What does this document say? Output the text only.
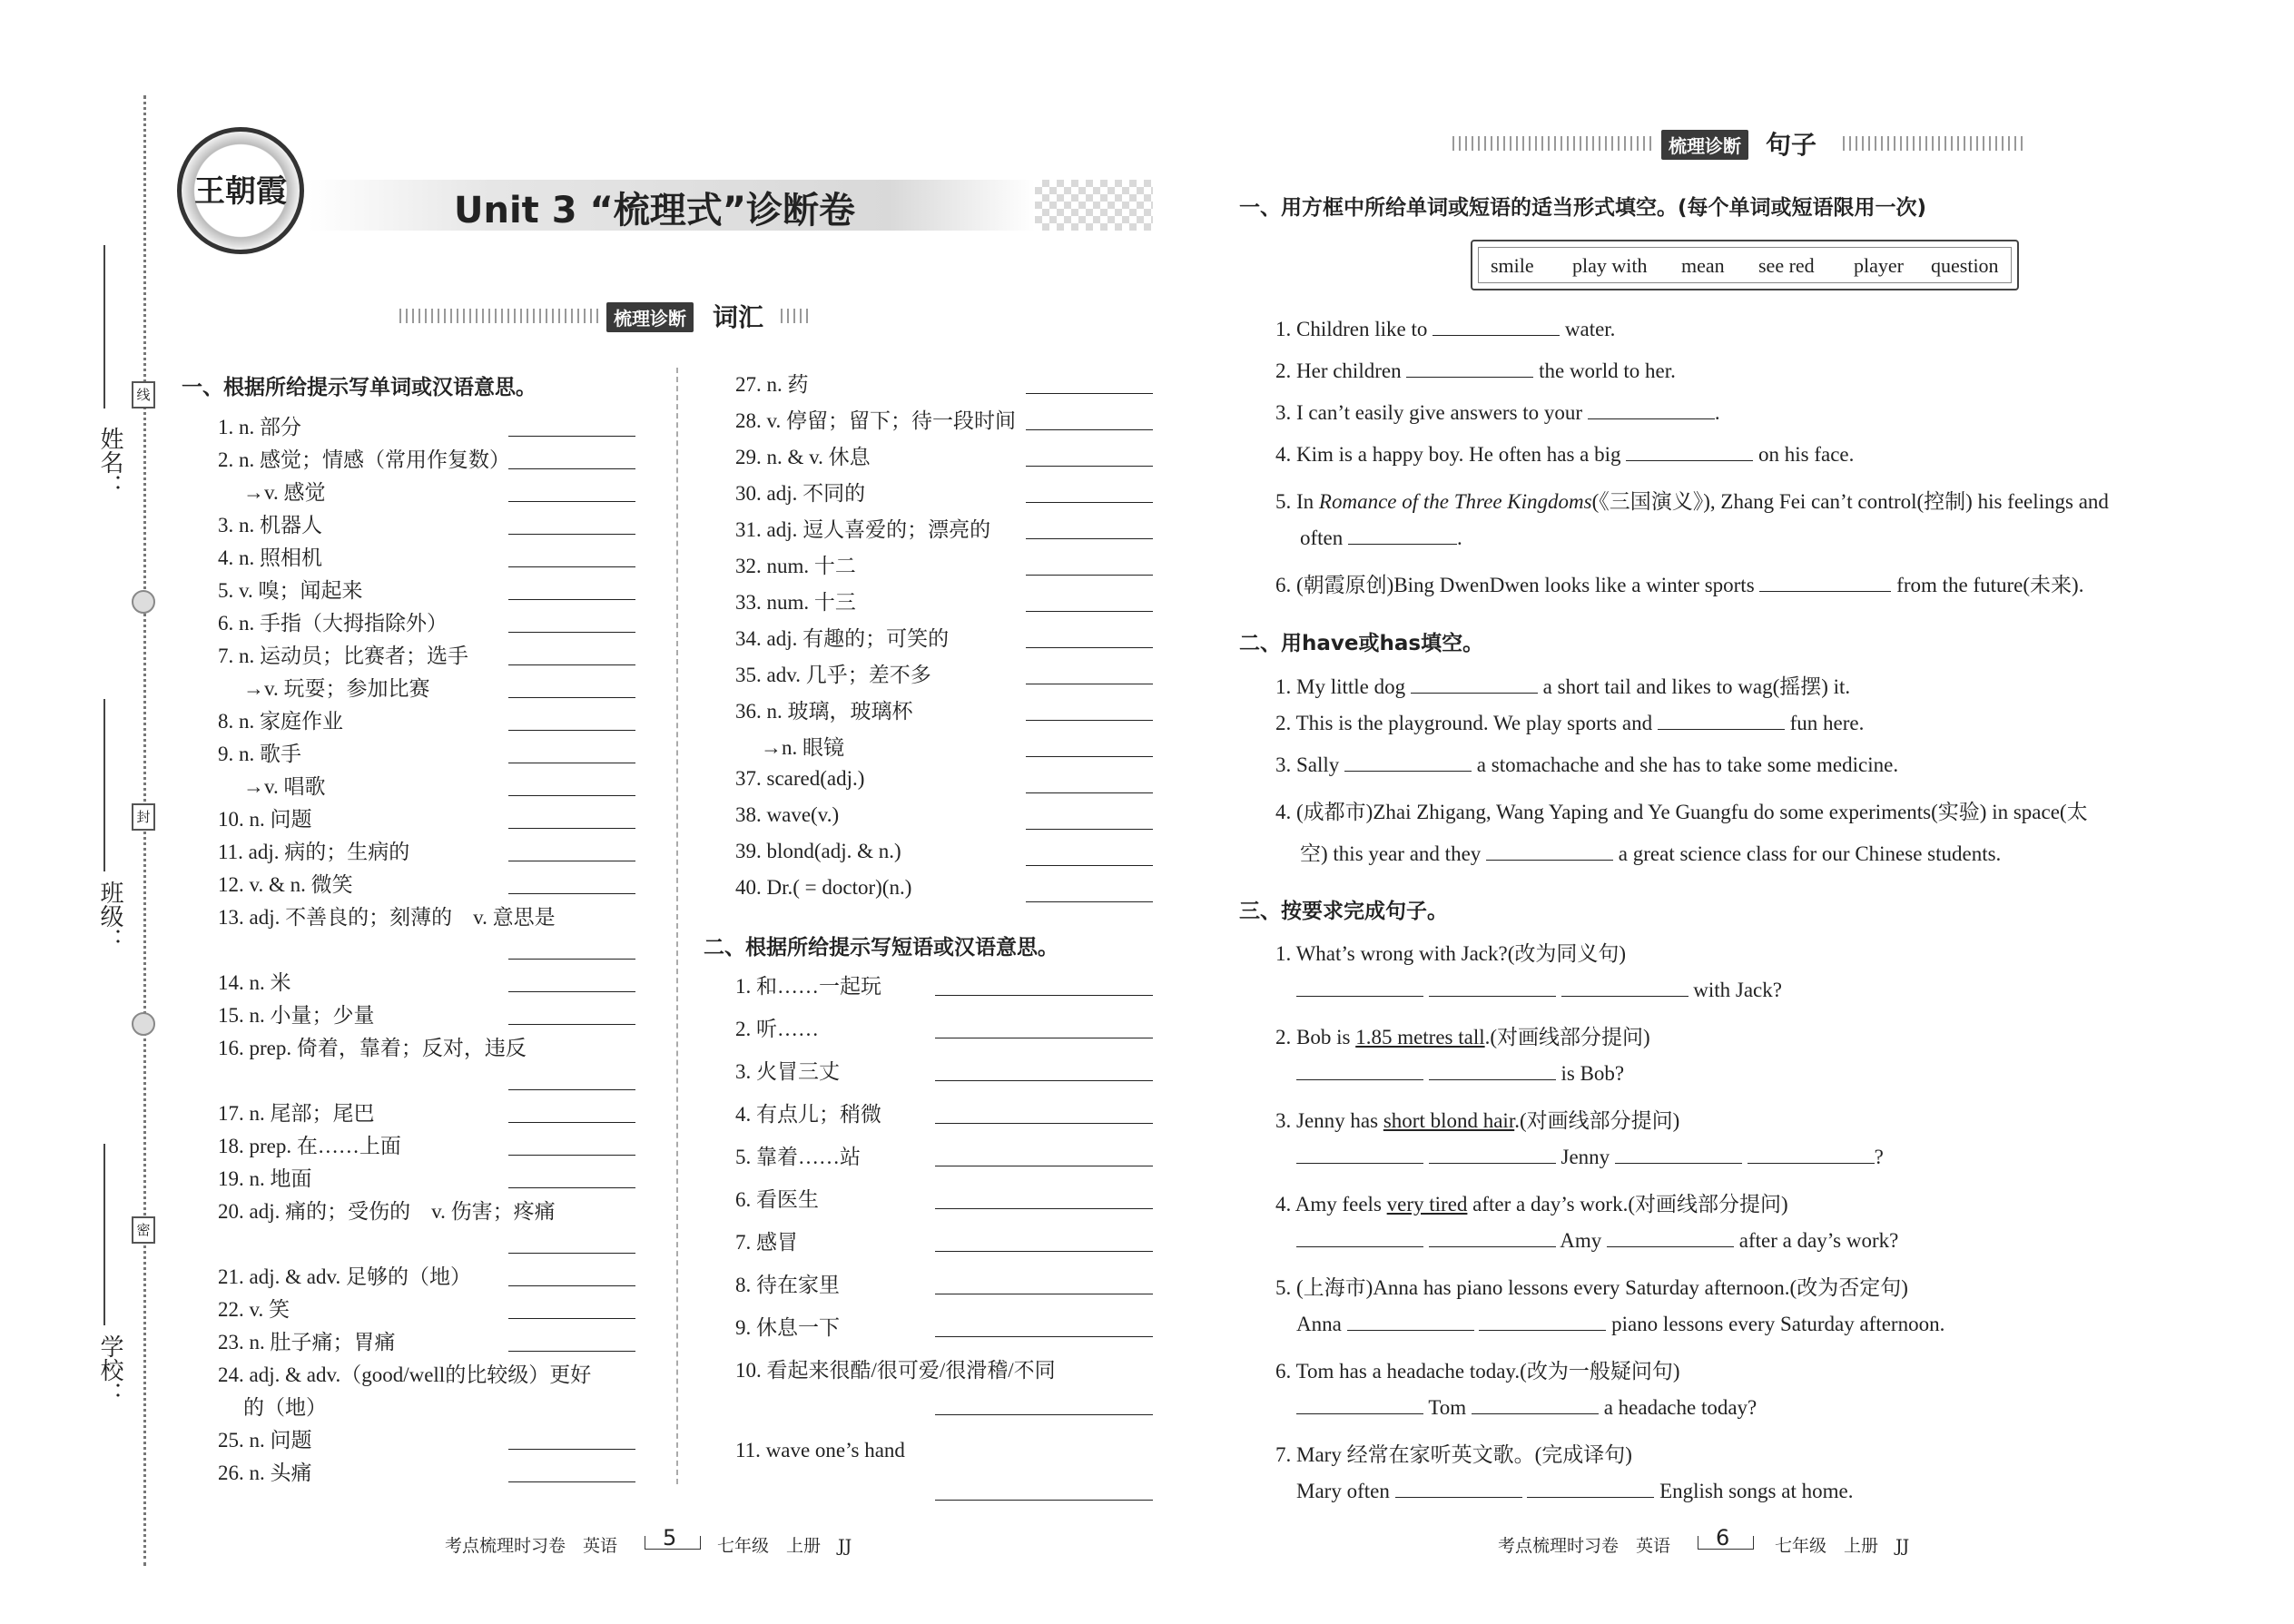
姓名：
班级：
学校：
线
封
密
王朝霞	Unit 3 “梳理式”诊断卷
梳理诊断 词汇
梳理诊断 句子
一、根据所给提示写单词或汉语意思。
二、根据所给提示写短语或汉语意思。
一、用方框中所给单词或短语的适当形式填空。(每个单词或短语限用一次)
smile play with mean see red player question
1. Children like to	water.
2. Her children	the world to her.
3. I can’t easily give answers to your	.
4. Kim is a happy boy. He often has a big	on his face.
5. In Romance of the Three Kingdoms(《三国演义》), Zhang Fei can’t control(控制) his feelings and
often	.
6. (朝霞原创)Bing DwenDwen looks like a winter sports	from the future(未来).
二、用have或has填空。
1. My little dog	a short tail and likes to wag(摇摆) it.
2. This is the playground. We play sports and	fun here.
3. Sally	a stomachache and she has to take some medicine.
4. (成都市)Zhai Zhigang, Wang Yaping and Ye Guangfu do some experiments(实验) in space(太
空) this year and they	a great science class for our Chinese students.
三、按要求完成句子。
1. What’s wrong with Jack?(改为同义句)
with Jack?
2. Bob is 1.85 metres tall.(对画线部分提问)
is Bob?
3. Jenny has short blond hair.(对画线部分提问)
Jenny	?
4. Amy feels very tired after a day’s work.(对画线部分提问)
Amy	after a day’s work?
5. (上海市)Anna has piano lessons every Saturday afternoon.(改为否定句)
Anna	piano lessons every Saturday afternoon.
6. Tom has a headache today.(改为一般疑问句)
Tom	a headache today?
7. Mary 经常在家听英文歌。(完成译句)
Mary often	English songs at home.
考点梳理时习卷　英语 5 七年级　上册　JJ	考点梳理时习卷　英语 6	七年级　上册　JJ
1. n. 部分
2. n. 感觉；情感（常用作复数）
→v. 感觉
3. n. 机器人
4. n. 照相机
5. v. 嗅；闻起来
6. n. 手指（大拇指除外）
7. n. 运动员；比赛者；选手
→v. 玩耍；参加比赛
8. n. 家庭作业
9. n. 歌手
→v. 唱歌
10. n. 问题
11. adj. 病的；生病的
12. v. & n. 微笑
13. adj. 不善良的；刻薄的　v. 意思是
14. n. 米
15. n. 小量；少量
16. prep. 倚着，靠着；反对，违反
17. n. 尾部；尾巴
18. prep. 在……上面
19. n. 地面
20. adj. 痛的；受伤的　v. 伤害；疼痛
21. adj. & adv. 足够的（地）
22. v. 笑
23. n. 肚子痛；胃痛
24. adj. & adv.（good/well的比较级）更好
的（地）
25. n. 问题
26. n. 头痛
27. n. 药
28. v. 停留；留下；待一段时间
29. n. & v. 休息
30. adj. 不同的
31. adj. 逗人喜爱的；漂亮的
32. num. 十二
33. num. 十三
34. adj. 有趣的；可笑的
35. adv. 几乎；差不多
36. n. 玻璃，玻璃杯
→n. 眼镜
37. scared(adj.)
38. wave(v.)
39. blond(adj. & n.)
40. Dr.( = doctor)(n.)
1. 和……一起玩
2. 听……
3. 火冒三丈
4. 有点儿；稍微
5. 靠着……站
6. 看医生
7. 感冒
8. 待在家里
9. 休息一下
10. 看起来很酷/很可爱/很滑稽/不同
11. wave one’s hand
